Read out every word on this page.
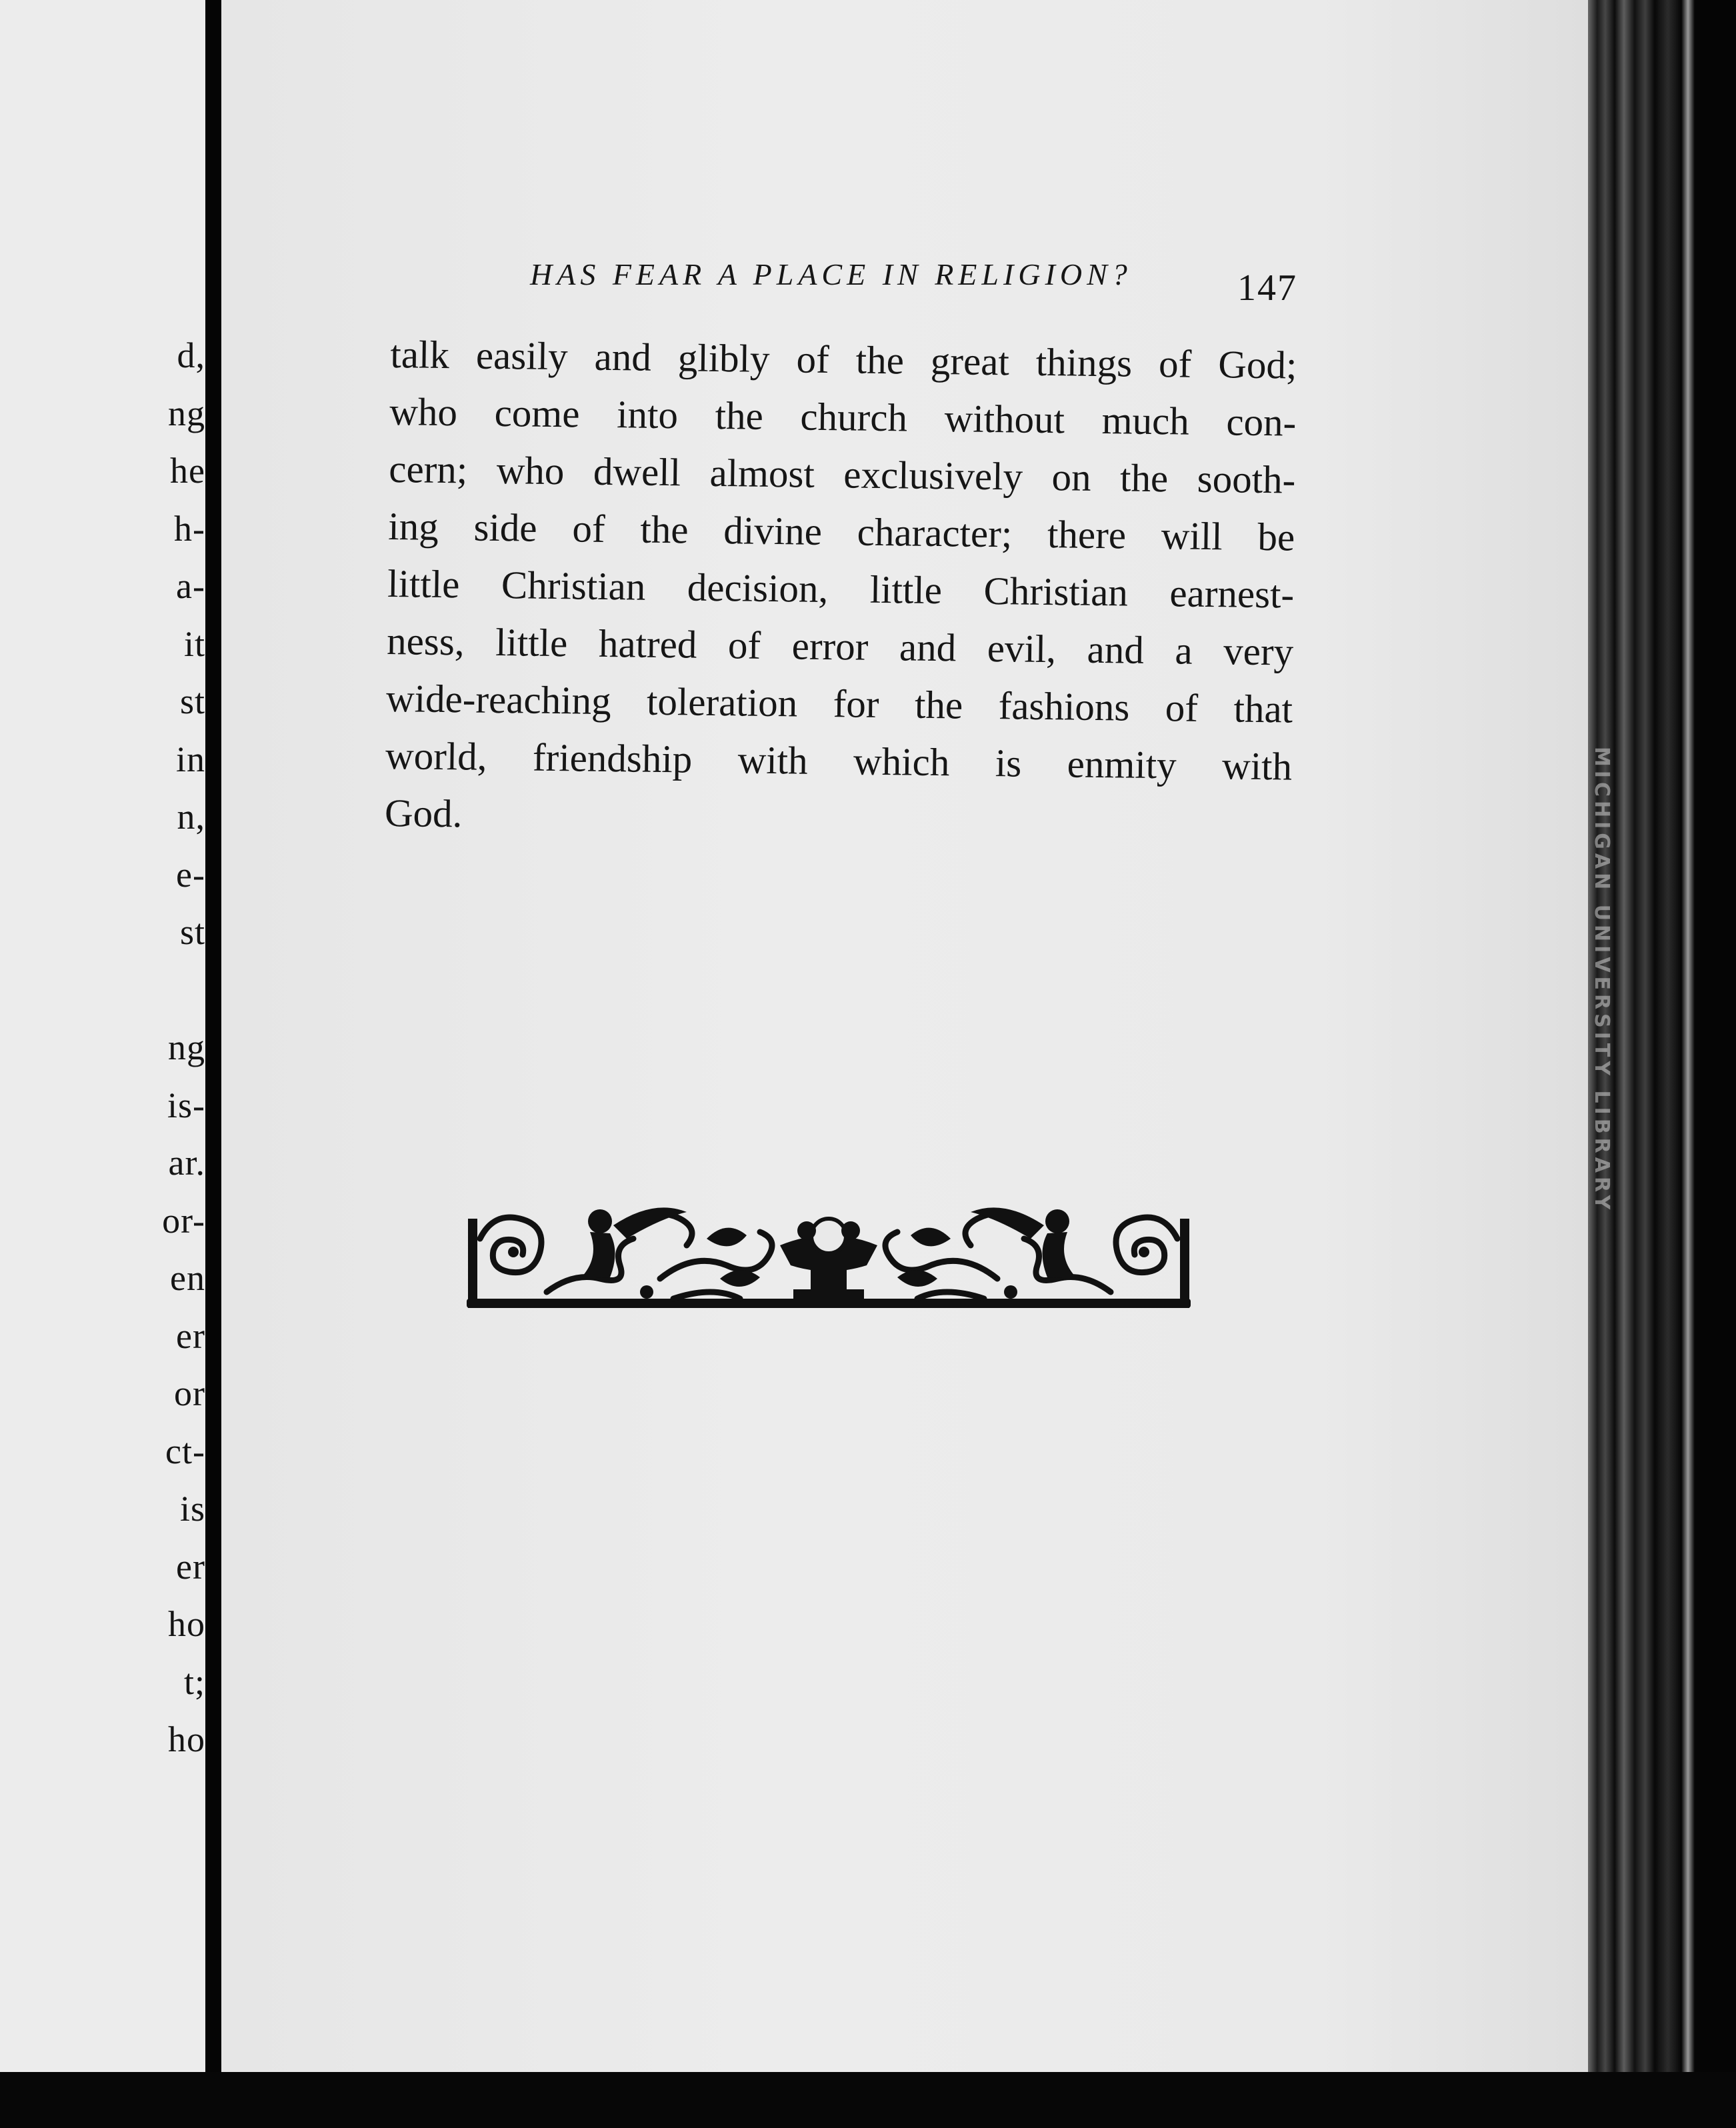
d,
ng
he
h-
a-
it
st
in
n,
e-
st
ng
is-
ar.
or-
en
er
or
ct-
is
er
ho
t;
ho
HAS FEAR A PLACE IN RELIGION?	147
talk easily and glibly of the great things of God;
who come into the church without much con-
cern; who dwell almost exclusively on the sooth-
ing side of the divine character; there will be
little Christian decision, little Christian earnest-
ness, little hatred of error and evil, and a very
wide-reaching toleration for the fashions of that
world, friendship with which is enmity with
God.	MICHIGAN UNIVERSITY LIBRARY
